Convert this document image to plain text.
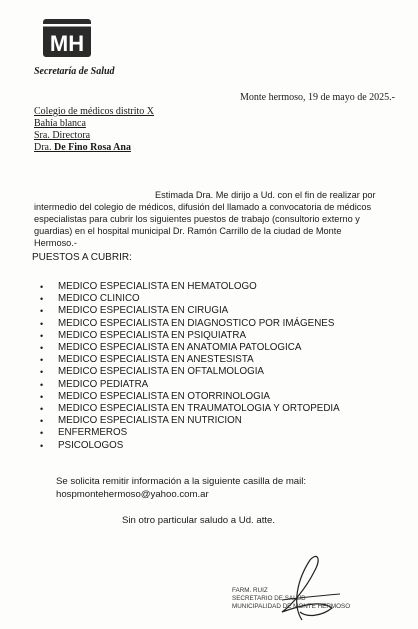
MH
Secretaría de Salud
Monte hermoso, 19 de mayo de 2025.-
Colegio de médicos distrito X
Bahía blanca
Sra. Directora
Dra. De Fino Rosa Ana
Estimada Dra. Me dirijo a Ud. con el fin de realizar por
intermedio del colegio de médicos, difusión del llamado a convocatoria de médicos especialistas para cubrir los siguientes puestos de trabajo (consultorio externo y guardias) en el hospital municipal Dr. Ramón Carrillo de la ciudad de Monte Hermoso.-
PUESTOS A CUBRIR:
• MEDICO ESPECIALISTA EN HEMATOLOGO
• MEDICO CLINICO
• MEDICO ESPECIALISTA EN CIRUGIA
• MEDICO ESPECIALISTA EN DIAGNOSTICO POR IMÁGENES
• MEDICO ESPECIALISTA EN PSIQUIATRA
• MEDICO ESPECIALISTA EN ANATOMIA PATOLOGICA
• MEDICO ESPECIALISTA EN ANESTESISTA
• MEDICO ESPECIALISTA EN OFTALMOLOGIA
• MEDICO PEDIATRA
• MEDICO ESPECIALISTA EN OTORRINOLOGIA
• MEDICO ESPECIALISTA EN TRAUMATOLOGIA Y ORTOPEDIA
• MEDICO ESPECIALISTA EN NUTRICION
• ENFERMEROS
• PSICOLOGOS
Se solicita remitir información a la siguiente casilla de mail:
hospmontehermoso@yahoo.com.ar
Sin otro particular saludo a Ud. atte.
FARM. RUIZ
SECRETARIO DE SALUD
MUNICIPALIDAD DE MONTE HERMOSO
